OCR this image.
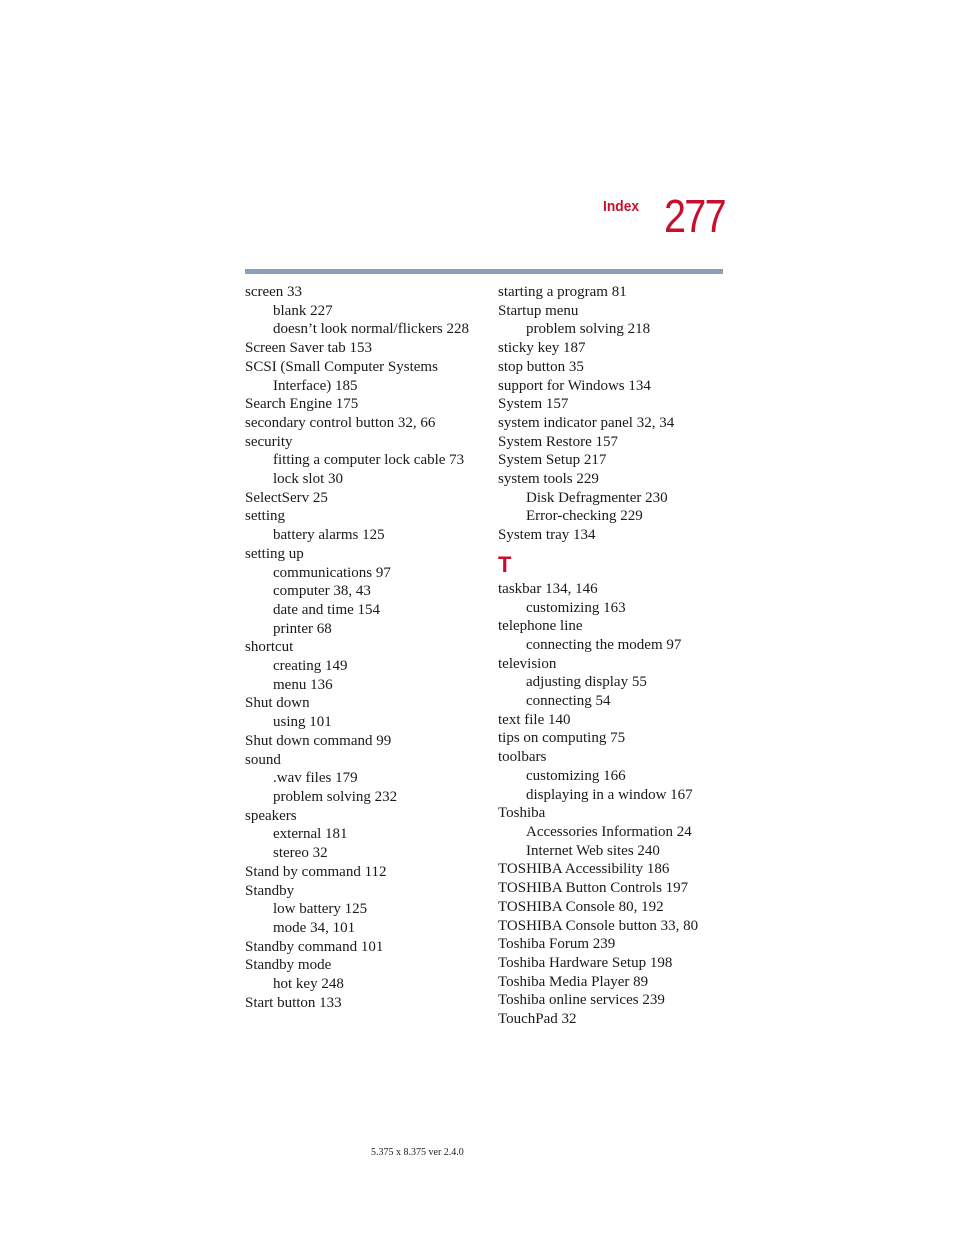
Index 277
screen 33
blank 227
doesn’t look normal/flickers 228
Screen Saver tab 153
SCSI (Small Computer Systems
Interface) 185
Search Engine 175
secondary control button 32, 66
security
fitting a computer lock cable 73
lock slot 30
SelectServ 25
setting
battery alarms 125
setting up
communications 97
computer 38, 43
date and time 154
printer 68
shortcut
creating 149
menu 136
Shut down
using 101
Shut down command 99
sound
.wav files 179
problem solving 232
speakers
external 181
stereo 32
Stand by command 112
Standby
low battery 125
mode 34, 101
Standby command 101
Standby mode
hot key 248
Start button 133
starting a program 81
Startup menu
problem solving 218
sticky key 187
stop button 35
support for Windows 134
System 157
system indicator panel 32, 34
System Restore 157
System Setup 217
system tools 229
Disk Defragmenter 230
Error-checking 229
System tray 134
T
taskbar 134, 146
customizing 163
telephone line
connecting the modem 97
television
adjusting display 55
connecting 54
text file 140
tips on computing 75
toolbars
customizing 166
displaying in a window 167
Toshiba
Accessories Information 24
Internet Web sites 240
TOSHIBA Accessibility 186
TOSHIBA Button Controls 197
TOSHIBA Console 80, 192
TOSHIBA Console button 33, 80
Toshiba Forum 239
Toshiba Hardware Setup 198
Toshiba Media Player 89
Toshiba online services 239
TouchPad 32
5.375 x 8.375 ver 2.4.0
